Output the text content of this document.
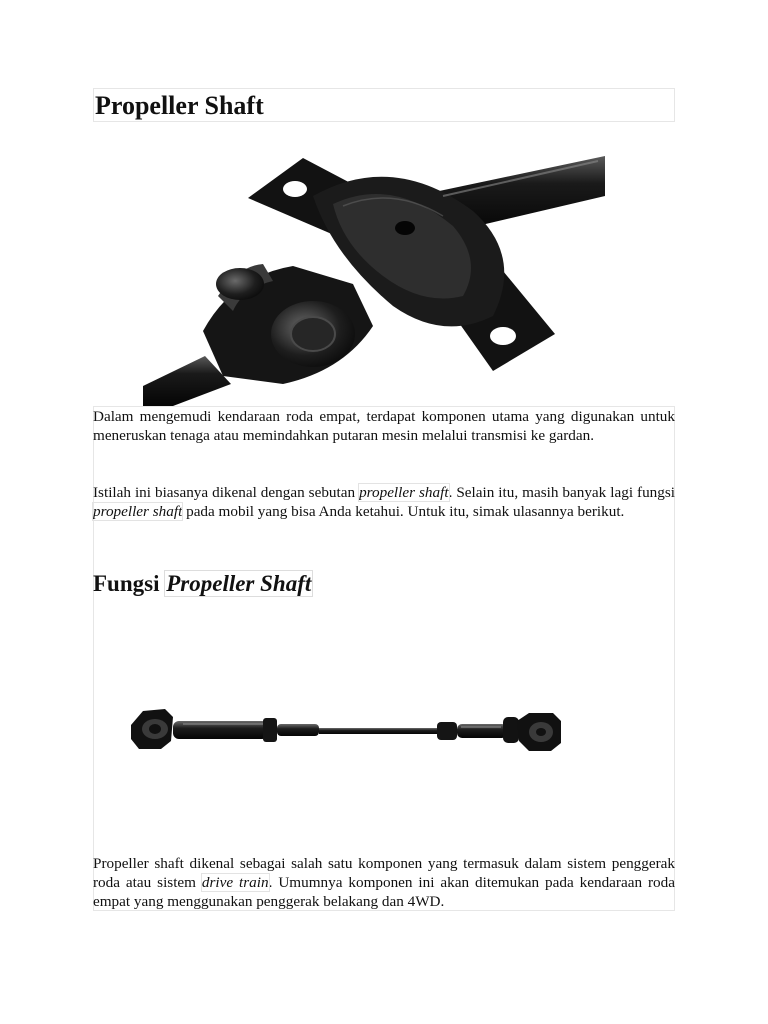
Propeller Shaft

Dalam mengemudi kendaraan roda empat, terdapat komponen utama yang digunakan untuk meneruskan tenaga atau memindahkan putaran mesin melalui transmisi ke gardan.

Istilah ini biasanya dikenal dengan sebutan propeller shaft. Selain itu, masih banyak lagi fungsi propeller shaft pada mobil yang bisa Anda ketahui. Untuk itu, simak ulasannya berikut.

Fungsi Propeller Shaft

Propeller shaft dikenal sebagai salah satu komponen yang termasuk dalam sistem penggerak roda atau sistem drive train. Umumnya komponen ini akan ditemukan pada kendaraan roda empat yang menggunakan penggerak belakang dan 4WD.
